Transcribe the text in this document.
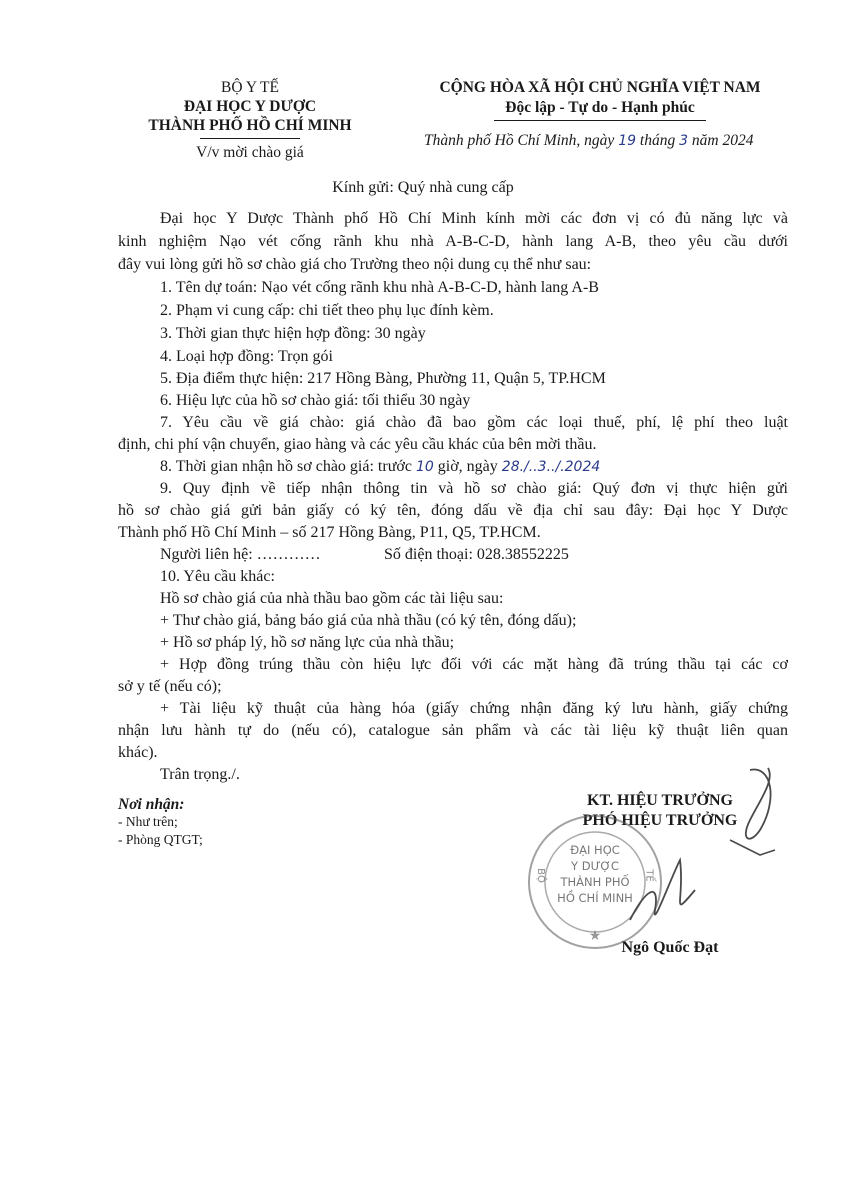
BỘ Y TẾ
ĐẠI HỌC Y DƯỢC
THÀNH PHỐ HỒ CHÍ MINH
V/v mời chào giá
CỘNG HÒA XÃ HỘI CHỦ NGHĨA VIỆT NAM
Độc lập - Tự do - Hạnh phúc
Thành phố Hồ Chí Minh, ngày 19 tháng 3 năm 2024
Kính gửi: Quý nhà cung cấp
Đại học Y Dược Thành phố Hồ Chí Minh kính mời các đơn vị có đủ năng lực và
kinh nghiệm Nạo vét cống rãnh khu nhà A-B-C-D, hành lang A-B, theo yêu cầu dưới
đây vui lòng gửi hồ sơ chào giá cho Trường theo nội dung cụ thể như sau:
1. Tên dự toán: Nạo vét cống rãnh khu nhà A-B-C-D, hành lang A-B
2. Phạm vi cung cấp: chi tiết theo phụ lục đính kèm.
3. Thời gian thực hiện hợp đồng: 30 ngày
4. Loại hợp đồng: Trọn gói
5. Địa điểm thực hiện: 217 Hồng Bàng, Phường 11, Quận 5, TP.HCM
6. Hiệu lực của hồ sơ chào giá: tối thiểu 30 ngày
7. Yêu cầu về giá chào: giá chào đã bao gồm các loại thuế, phí, lệ phí theo luật
định, chi phí vận chuyển, giao hàng và các yêu cầu khác của bên mời thầu.
8. Thời gian nhận hồ sơ chào giá: trước 10 giờ, ngày 28./..3../.2024
9. Quy định về tiếp nhận thông tin và hồ sơ chào giá: Quý đơn vị thực hiện gửi
hồ sơ chào giá gửi bản giấy có ký tên, đóng dấu về địa chỉ sau đây: Đại học Y Dược
Thành phố Hồ Chí Minh – số 217 Hồng Bàng, P11, Q5, TP.HCM.
Người liên hệ: …………	Số điện thoại: 028.38552225
10. Yêu cầu khác:
Hồ sơ chào giá của nhà thầu bao gồm các tài liệu sau:
+ Thư chào giá, bảng báo giá của nhà thầu (có ký tên, đóng dấu);
+ Hồ sơ pháp lý, hồ sơ năng lực của nhà thầu;
+ Hợp đồng trúng thầu còn hiệu lực đối với các mặt hàng đã trúng thầu tại các cơ
sở y tế (nếu có);
+ Tài liệu kỹ thuật của hàng hóa (giấy chứng nhận đăng ký lưu hành, giấy chứng
nhận lưu hành tự do (nếu có), catalogue sản phẩm và các tài liệu kỹ thuật liên quan
khác).
Trân trọng./.
Nơi nhận:
- Như trên;
- Phòng QTGT;
KT. HIỆU TRƯỞNG
PHÓ HIỆU TRƯỞNG
★
ĐẠI HỌC
Y DƯỢC
THÀNH PHỐ
HỒ CHÍ MINH
BỘ	TẾ
Ngô Quốc Đạt
